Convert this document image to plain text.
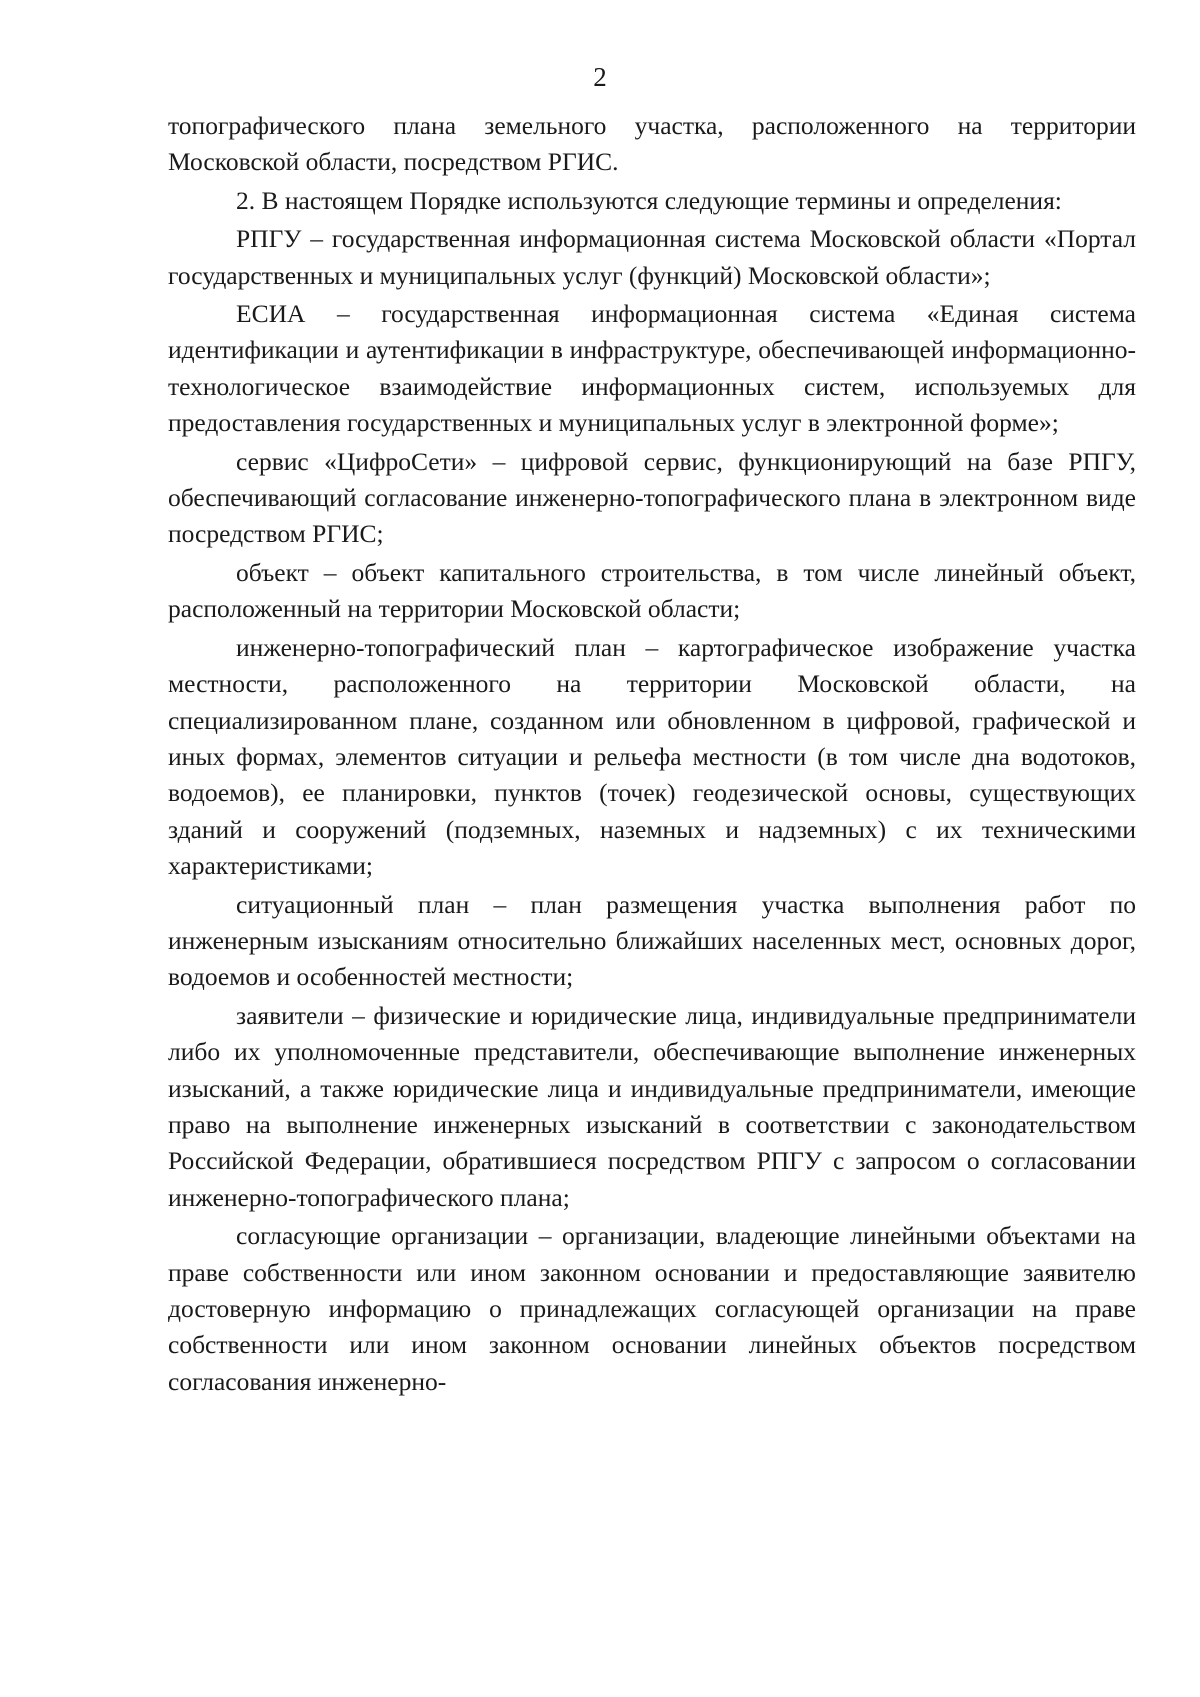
2

топографического плана земельного участка, расположенного на территории Московской области, посредством РГИС.

2. В настоящем Порядке используются следующие термины и определения:

РПГУ – государственная информационная система Московской области «Портал государственных и муниципальных услуг (функций) Московской области»;

ЕСИА – государственная информационная система «Единая система идентификации и аутентификации в инфраструктуре, обеспечивающей информационно-технологическое взаимодействие информационных систем, используемых для предоставления государственных и муниципальных услуг в электронной форме»;

сервис «ЦифроСети» – цифровой сервис, функционирующий на базе РПГУ, обеспечивающий согласование инженерно-топографического плана в электронном виде посредством РГИС;

объект – объект капитального строительства, в том числе линейный объект, расположенный на территории Московской области;

инженерно-топографический план – картографическое изображение участка местности, расположенного на территории Московской области, на специализированном плане, созданном или обновленном в цифровой, графической и иных формах, элементов ситуации и рельефа местности (в том числе дна водотоков, водоемов), ее планировки, пунктов (точек) геодезической основы, существующих зданий и сооружений (подземных, наземных и надземных) с их техническими характеристиками;

ситуационный план – план размещения участка выполнения работ по инженерным изысканиям относительно ближайших населенных мест, основных дорог, водоемов и особенностей местности;

заявители – физические и юридические лица, индивидуальные предприниматели либо их уполномоченные представители, обеспечивающие выполнение инженерных изысканий, а также юридические лица и индивидуальные предприниматели, имеющие право на выполнение инженерных изысканий в соответствии с законодательством Российской Федерации, обратившиеся посредством РПГУ с запросом о согласовании инженерно-топографического плана;

согласующие организации – организации, владеющие линейными объектами на праве собственности или ином законном основании и предоставляющие заявителю достоверную информацию о принадлежащих согласующей организации на праве собственности или ином законном основании линейных объектов посредством согласования инженерно-
